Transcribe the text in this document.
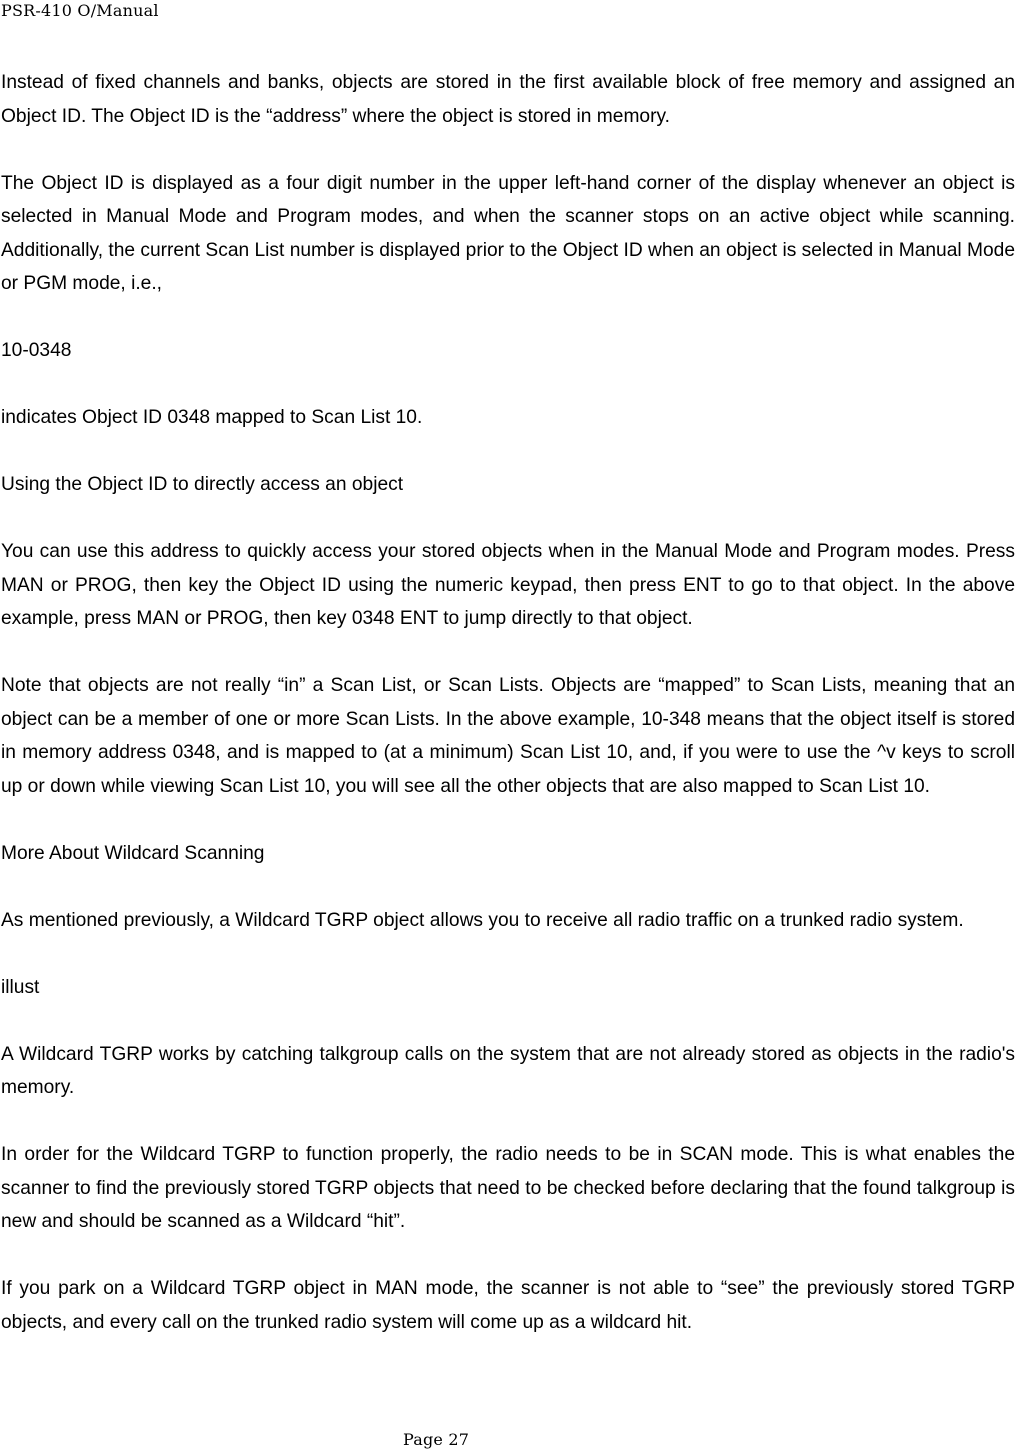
PSR-410 O/Manual

Instead of fixed channels and banks, objects are stored in the first available block of free memory and assigned an Object ID. The Object ID is the “address” where the object is stored in memory.

The Object ID is displayed as a four digit number in the upper left-hand corner of the display whenever an object is selected in Manual Mode and Program modes, and when the scanner stops on an active object while scanning. Additionally, the current Scan List number is displayed prior to the Object ID when an object is selected in Manual Mode or PGM mode, i.e.,

10-0348

indicates Object ID 0348 mapped to Scan List 10.

Using the Object ID to directly access an object

You can use this address to quickly access your stored objects when in the Manual Mode and Program modes. Press MAN or PROG, then key the Object ID using the numeric keypad, then press ENT to go to that object. In the above example, press MAN or PROG, then key 0348 ENT to jump directly to that object.

Note that objects are not really “in” a Scan List, or Scan Lists. Objects are “mapped” to Scan Lists, meaning that an object can be a member of one or more Scan Lists. In the above example, 10-348 means that the object itself is stored in memory address 0348, and is mapped to (at a minimum) Scan List 10, and, if you were to use the ^v keys to scroll up or down while viewing Scan List 10, you will see all the other objects that are also mapped to Scan List 10.

More About Wildcard Scanning

As mentioned previously, a Wildcard TGRP object allows you to receive all radio traffic on a trunked radio system.

illust

A Wildcard TGRP works by catching talkgroup calls on the system that are not already stored as objects in the radio's memory.

In order for the Wildcard TGRP to function properly, the radio needs to be in SCAN mode. This is what enables the scanner to find the previously stored TGRP objects that need to be checked before declaring that the found talkgroup is new and should be scanned as a Wildcard “hit”.

If you park on a Wildcard TGRP object in MAN mode, the scanner is not able to “see” the previously stored TGRP objects, and every call on the trunked radio system will come up as a wildcard hit.

Page 27
